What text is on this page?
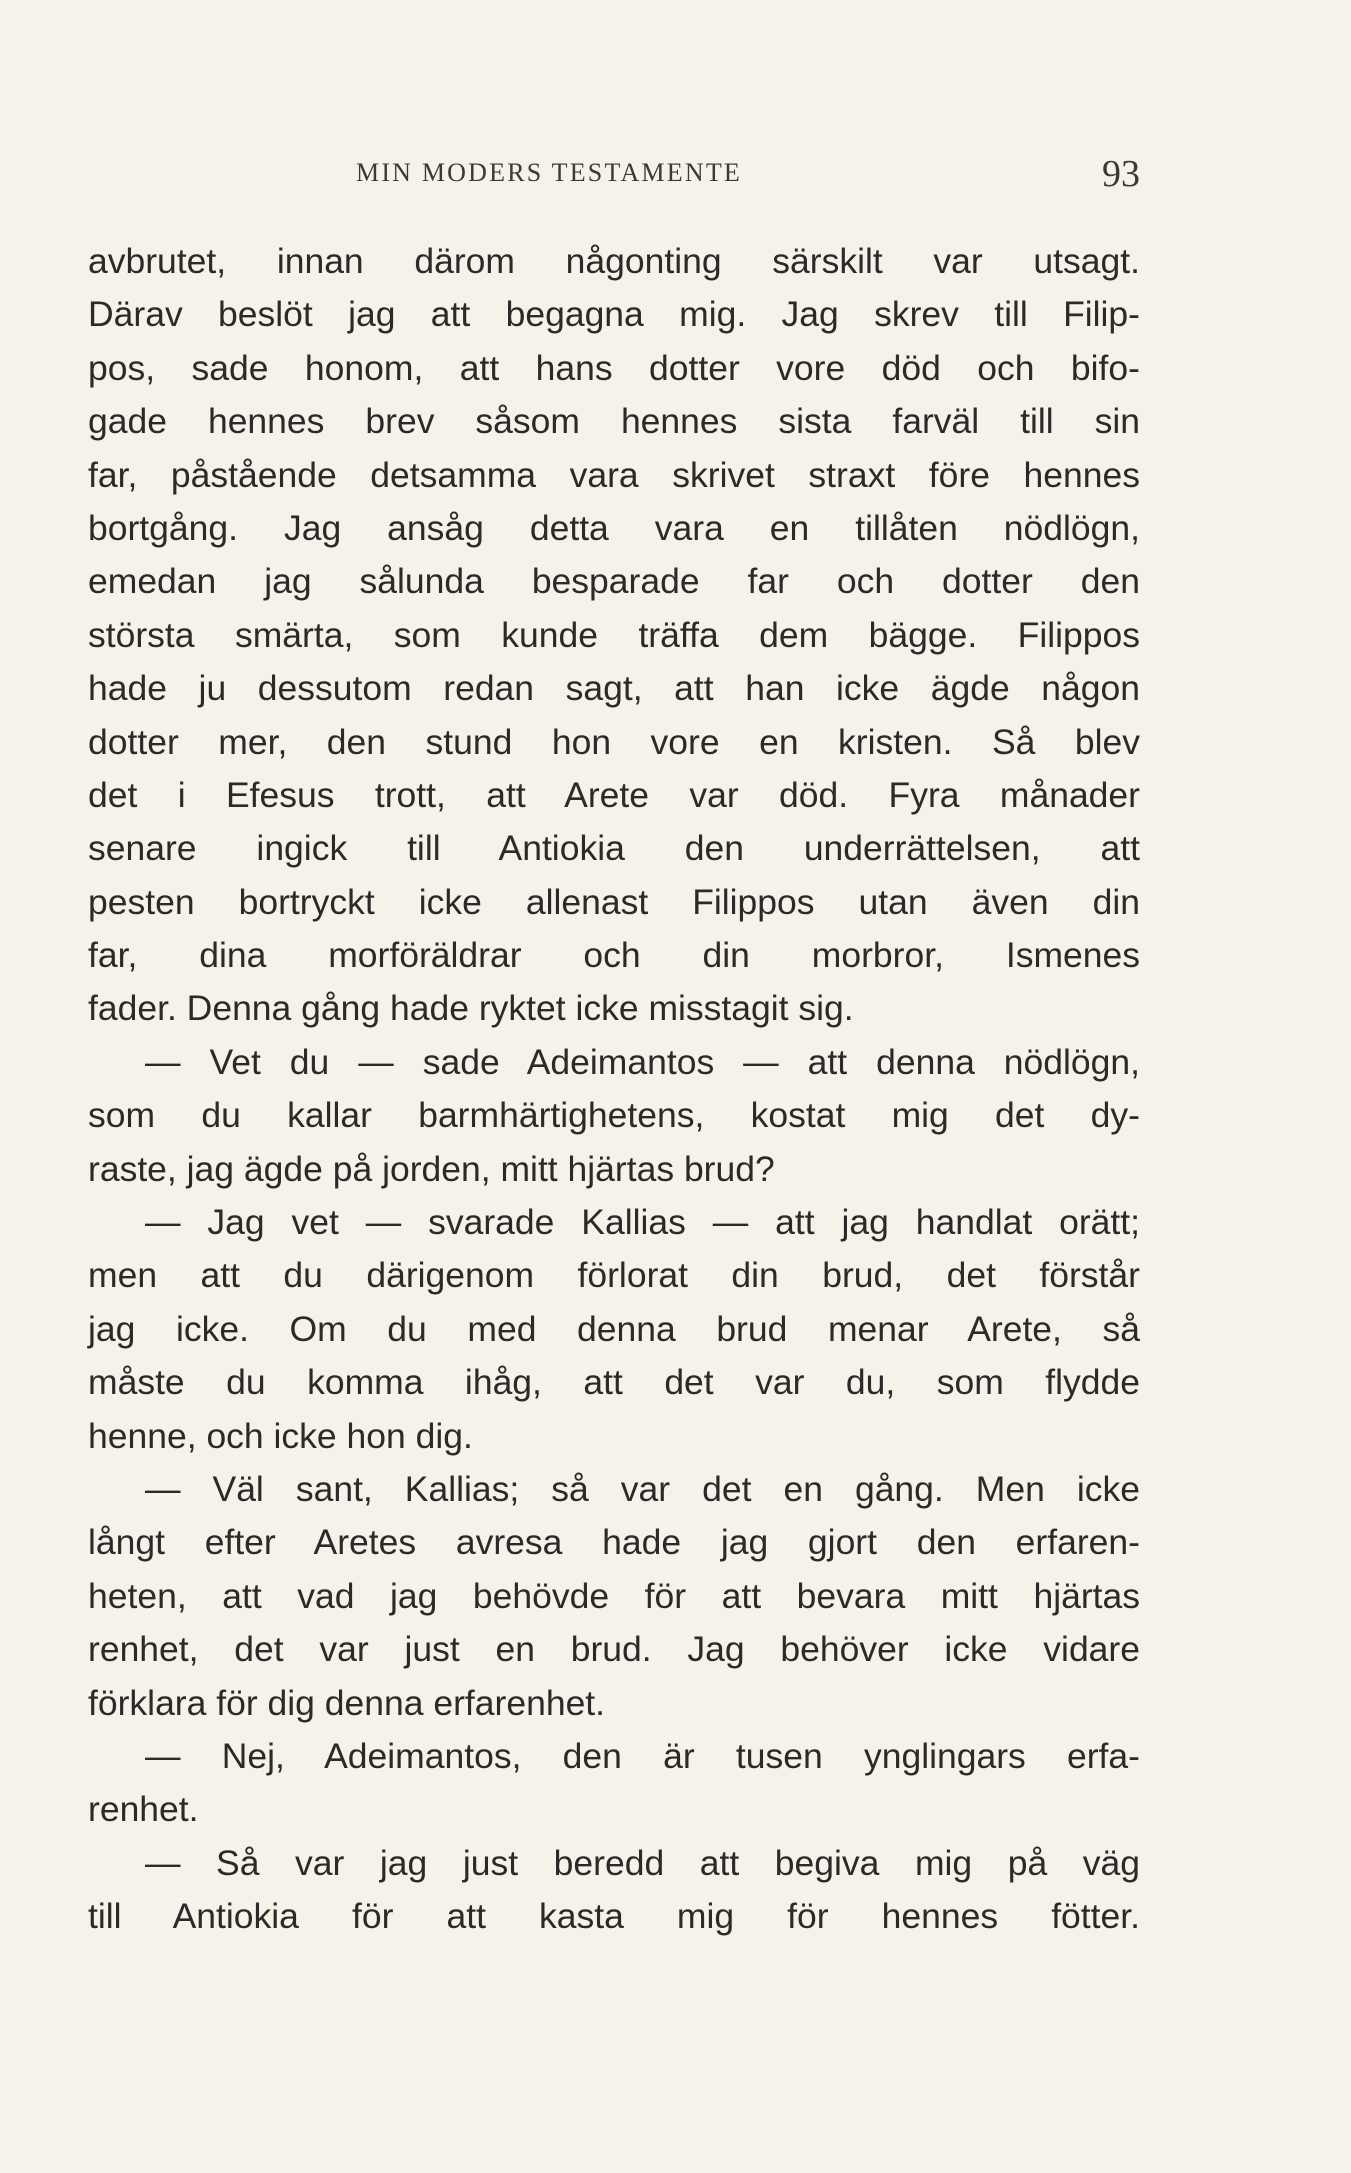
MIN MODERS TESTAMENTE	93
avbrutet, innan därom någonting särskilt var utsagt.
Därav beslöt jag att begagna mig. Jag skrev till Filip-
pos, sade honom, att hans dotter vore död och bifo-
gade hennes brev såsom hennes sista farväl till sin
far, påstående detsamma vara skrivet straxt före hennes
bortgång. Jag ansåg detta vara en tillåten nödlögn,
emedan jag sålunda besparade far och dotter den
största smärta, som kunde träffa dem bägge. Filippos
hade ju dessutom redan sagt, att han icke ägde någon
dotter mer, den stund hon vore en kristen. Så blev
det i Efesus trott, att Arete var död. Fyra månader
senare ingick till Antiokia den underrättelsen, att
pesten bortryckt icke allenast Filippos utan även din
far, dina morföräldrar och din morbror, Ismenes
fader. Denna gång hade ryktet icke misstagit sig.
— Vet du — sade Adeimantos — att denna nödlögn,
som du kallar barmhärtighetens, kostat mig det dy-
raste, jag ägde på jorden, mitt hjärtas brud?
— Jag vet — svarade Kallias — att jag handlat orätt;
men att du därigenom förlorat din brud, det förstår
jag icke. Om du med denna brud menar Arete, så
måste du komma ihåg, att det var du, som flydde
henne, och icke hon dig.
— Väl sant, Kallias; så var det en gång. Men icke
långt efter Aretes avresa hade jag gjort den erfaren-
heten, att vad jag behövde för att bevara mitt hjärtas
renhet, det var just en brud. Jag behöver icke vidare
förklara för dig denna erfarenhet.
— Nej, Adeimantos, den är tusen ynglingars erfa-
renhet.
— Så var jag just beredd att begiva mig på väg
till Antiokia för att kasta mig för hennes fötter.
